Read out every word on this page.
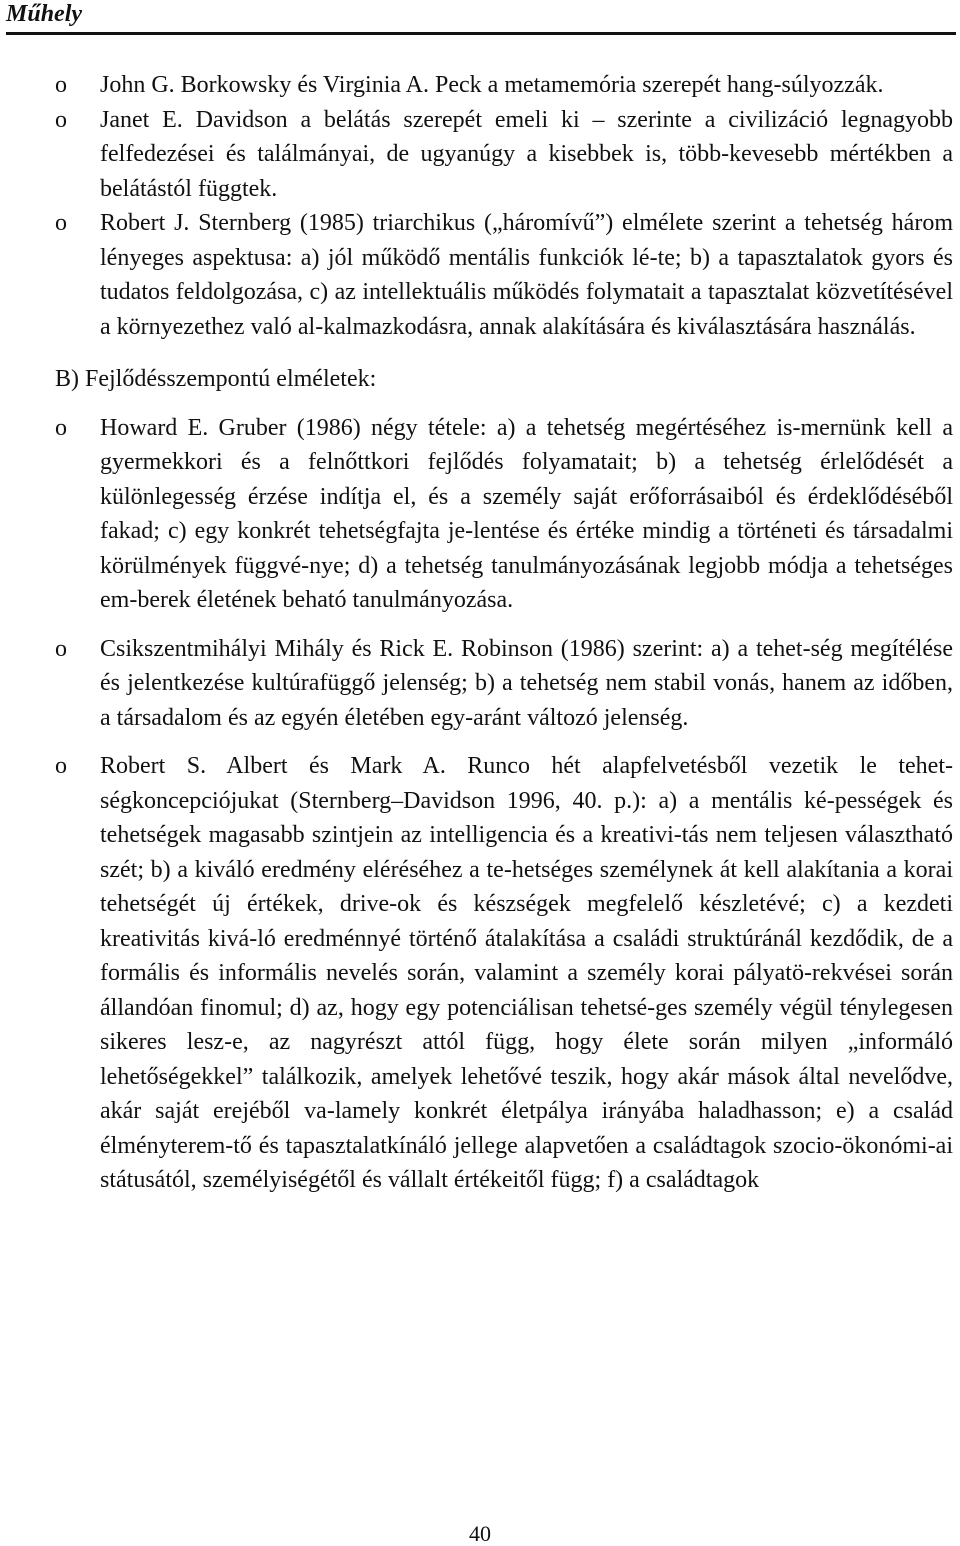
Műhely
o	John G. Borkowsky és Virginia A. Peck a metamemória szerepét hang-súlyozzák.
o	Janet E. Davidson a belátás szerepét emeli ki – szerinte a civilizáció legnagyobb felfedezései és találmányai, de ugyanúgy a kisebbek is, több-kevesebb mértékben a belátástól függtek.
o	Robert J. Sternberg (1985) triarchikus („háromívű”) elmélete szerint a tehetség három lényeges aspektusa: a) jól működő mentális funkciók lé-te; b) a tapasztalatok gyors és tudatos feldolgozása, c) az intellektuális működés folymatait a tapasztalat közvetítésével a környezethez való al-kalmazkodásra, annak alakítására és kiválasztására használás.
B) Fejlődésszempontú elméletek:
o	Howard E. Gruber (1986) négy tétele: a) a tehetség megértéséhez is-mernünk kell a gyermekkori és a felnőttkori fejlődés folyamatait; b) a tehetség érlelődését a különlegesség érzése indítja el, és a személy saját erőforrásaiból és érdeklődéséből fakad; c) egy konkrét tehetségfajta je-lentése és értéke mindig a történeti és társadalmi körülmények függvé-nye; d) a tehetség tanulmányozásának legjobb módja a tehetséges em-berek életének beható tanulmányozása.
o	Csikszentmihályi Mihály és Rick E. Robinson (1986) szerint: a) a tehet-ség megítélése és jelentkezése kultúrafüggő jelenség; b) a tehetség nem stabil vonás, hanem az időben, a társadalom és az egyén életében egy-aránt változó jelenség.
o	Robert S. Albert és Mark A. Runco hét alapfelvetésből vezetik le tehet-ségkoncepciójukat (Sternberg–Davidson 1996, 40. p.): a) a mentális ké-pességek és tehetségek magasabb szintjein az intelligencia és a kreativi-tás nem teljesen választható szét; b) a kiváló eredmény eléréséhez a te-hetséges személynek át kell alakítania a korai tehetségét új értékek, drive-ok és készségek megfelelő készletévé; c) a kezdeti kreativitás kivá-ló eredménnyé történő átalakítása a családi struktúránál kezdődik, de a formális és informális nevelés során, valamint a személy korai pályatö-rekvései során állandóan finomul; d) az, hogy egy potenciálisan tehetsé-ges személy végül ténylegesen sikeres lesz-e, az nagyrészt attól függ, hogy élete során milyen „informáló lehetőségekkel” találkozik, amelyek lehetővé teszik, hogy akár mások által nevelődve, akár saját erejéből va-lamely konkrét életpálya irányába haladhasson; e) a család élményterem-tő és tapasztalatkínáló jellege alapvetően a családtagok szocio-ökonómi-ai státusától, személyiségétől és vállalt értékeitől függ; f) a családtagok
40
